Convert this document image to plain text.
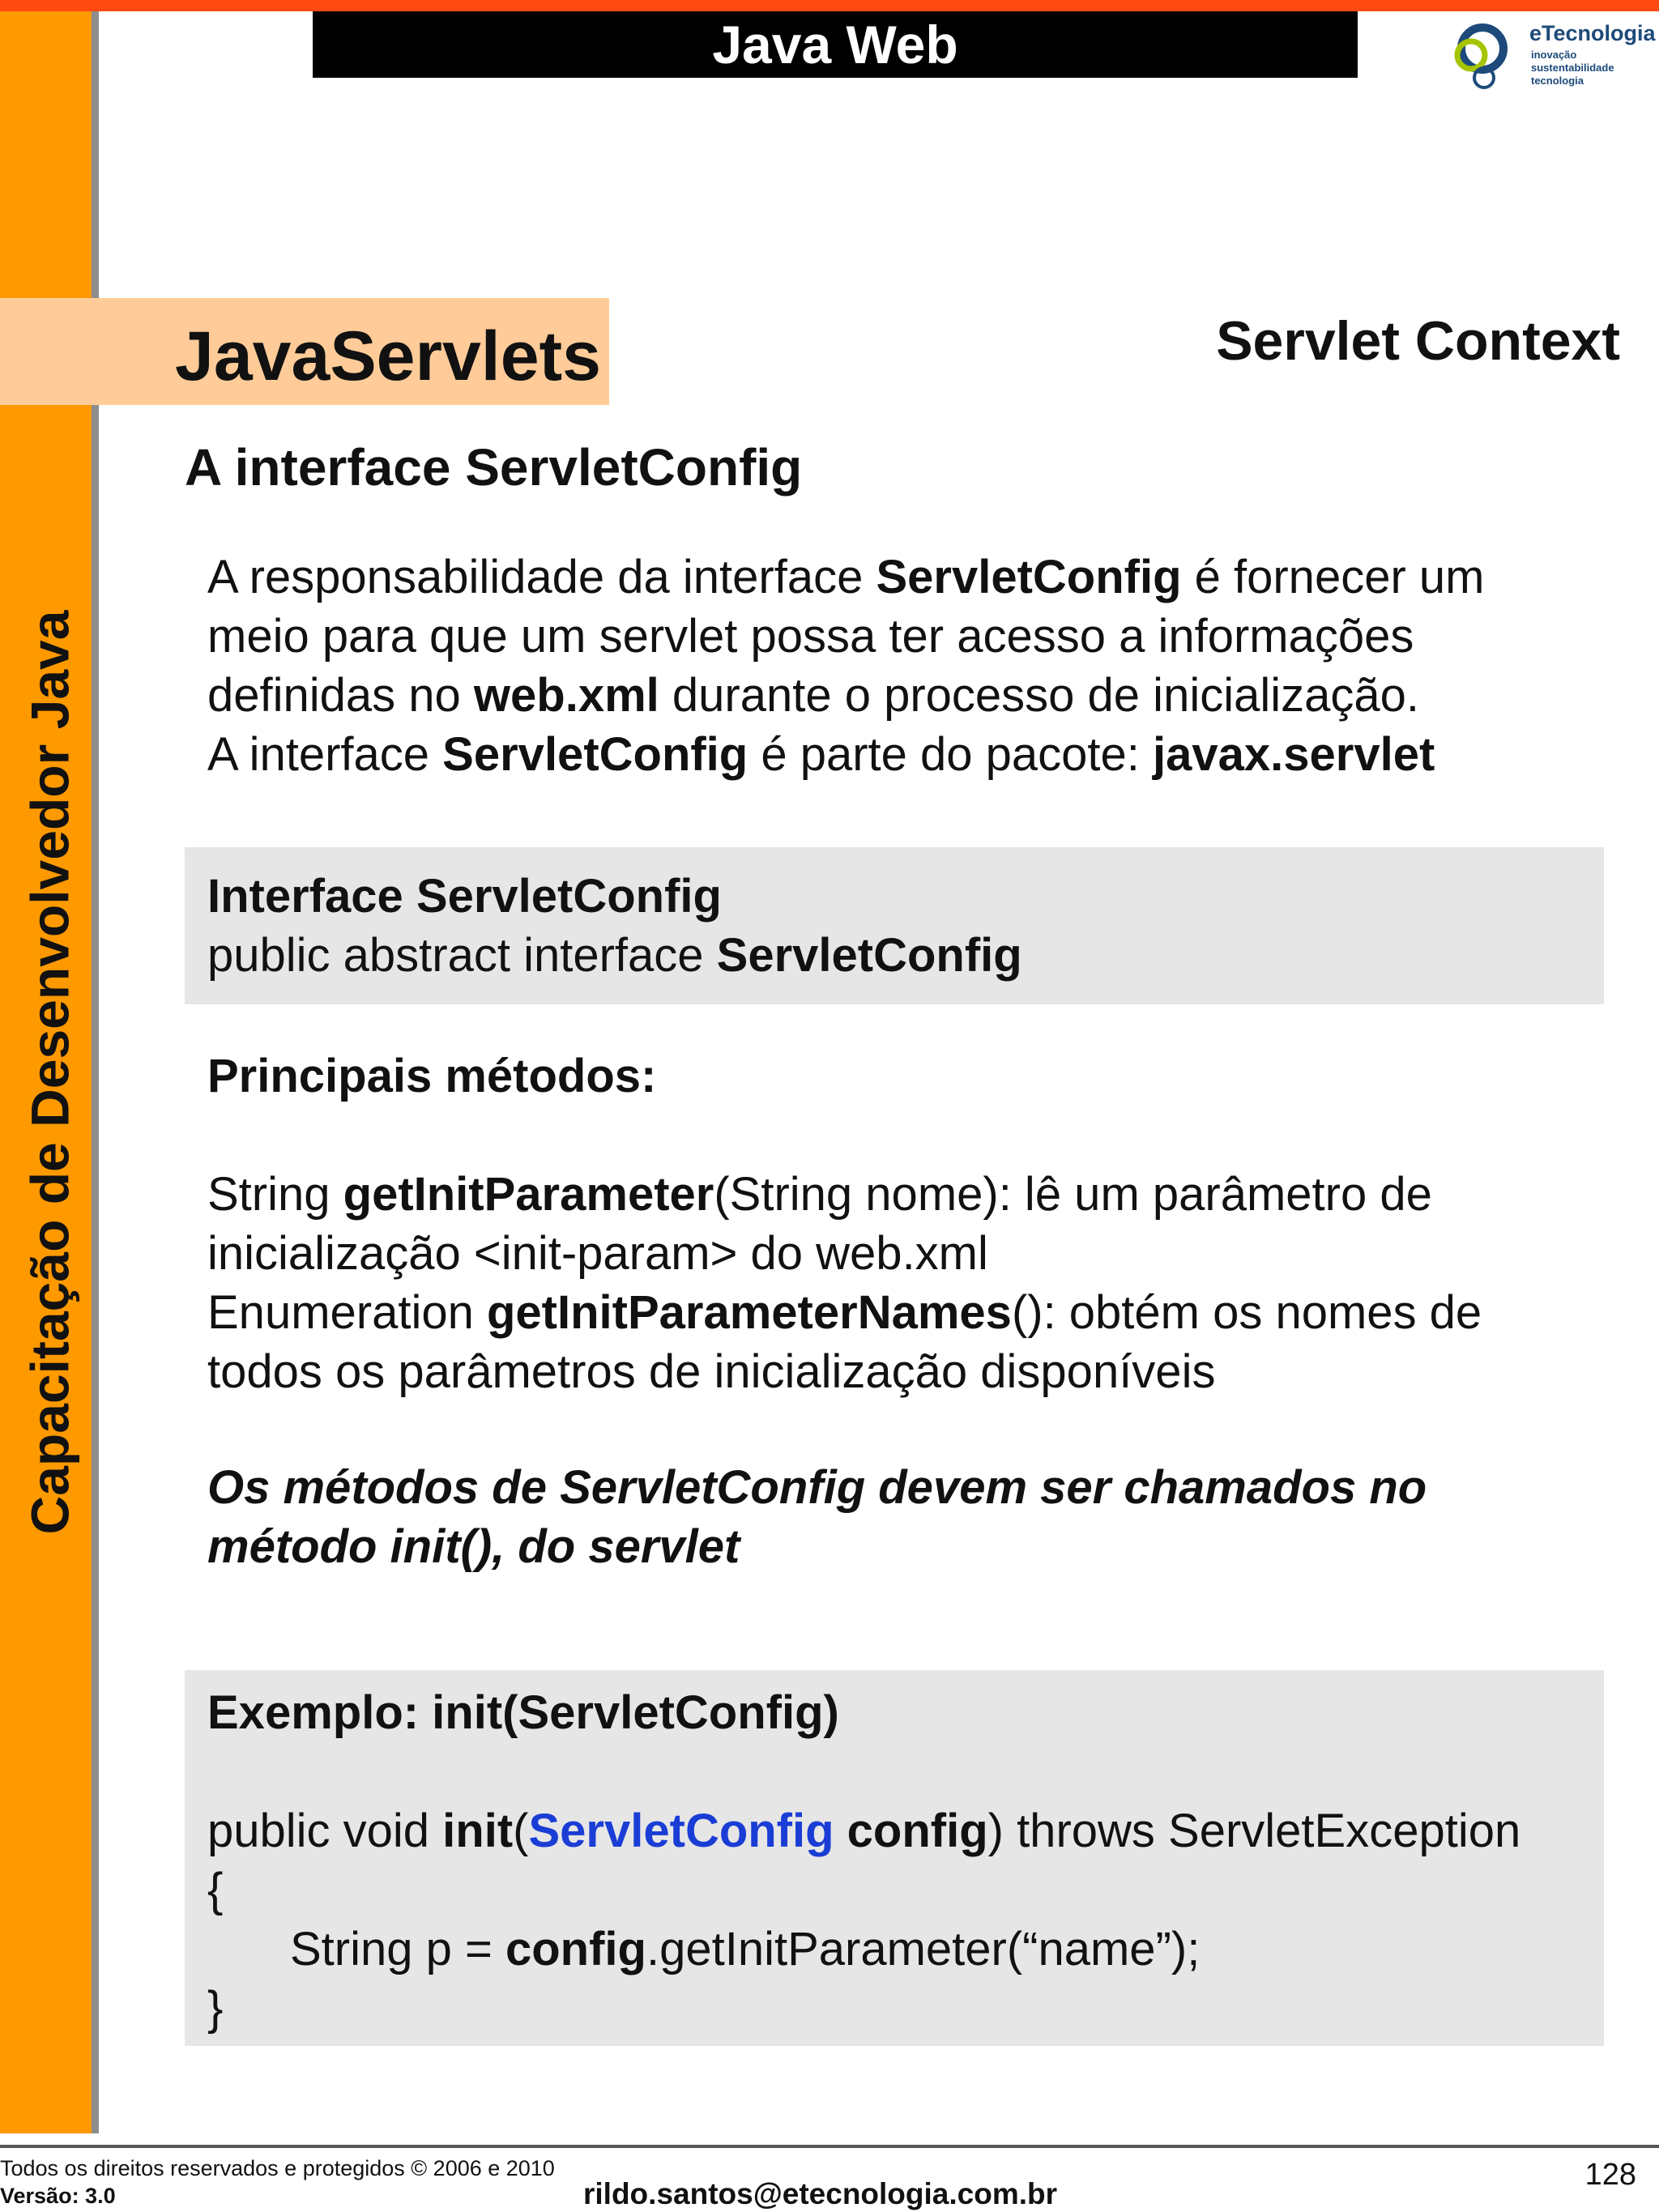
Capacitação de Desenvolvedor Java
Java Web	eTecnologia
inovação
sustentabilidade
tecnologia
JavaServlets	Servlet Context
A interface ServletConfig
A responsabilidade da interface ServletConfig é fornecer um meio para que um servlet possa ter acesso a informações definidas no web.xml durante o processo de inicialização.
A interface ServletConfig é parte do pacote: javax.servlet
Interface ServletConfig
public abstract interface ServletConfig
Principais métodos:
String getInitParameter(String nome): lê um parâmetro de inicialização <init-param> do web.xml
Enumeration getInitParameterNames(): obtém os nomes de todos os parâmetros de inicialização disponíveis
Os métodos de ServletConfig devem ser chamados no método init(), do servlet
Exemplo: init(ServletConfig)

public void init(ServletConfig config) throws ServletException
{

String p = config.getInitParameter(“name”);
}
Todos os direitos reservados e protegidos © 2006 e 2010
Versão: 3.0	rildo.santos@etecnologia.com.br
128
